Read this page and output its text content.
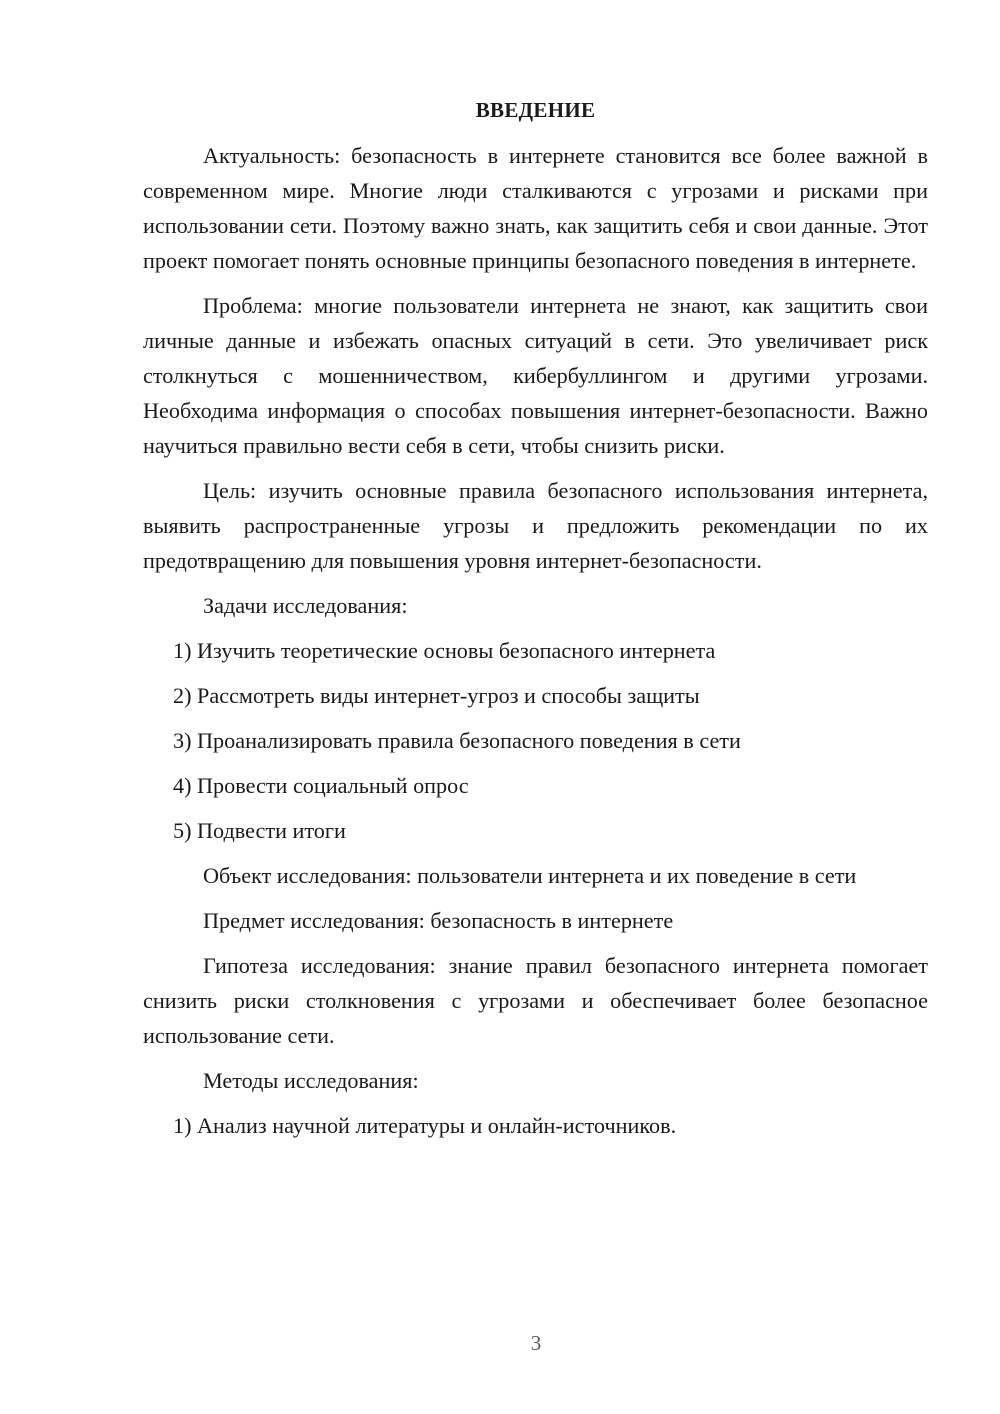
ВВЕДЕНИЕ
Актуальность: безопасность в интернете становится все более важной в современном мире. Многие люди сталкиваются с угрозами и рисками при использовании сети. Поэтому важно знать, как защитить себя и свои данные. Этот проект помогает понять основные принципы безопасного поведения в интернете.
Проблема: многие пользователи интернета не знают, как защитить свои личные данные и избежать опасных ситуаций в сети. Это увеличивает риск столкнуться с мошенничеством, кибербуллингом и другими угрозами. Необходима информация о способах повышения интернет-безопасности. Важно научиться правильно вести себя в сети, чтобы снизить риски.
Цель: изучить основные правила безопасного использования интернета, выявить распространенные угрозы и предложить рекомендации по их предотвращению для повышения уровня интернет-безопасности.
Задачи исследования:
1) Изучить теоретические основы безопасного интернета
2) Рассмотреть виды интернет-угроз и способы защиты
3) Проанализировать правила безопасного поведения в сети
4) Провести социальный опрос
5) Подвести итоги
Объект исследования: пользователи интернета и их поведение в сети
Предмет исследования: безопасность в интернете
Гипотеза исследования: знание правил безопасного интернета помогает снизить риски столкновения с угрозами и обеспечивает более безопасное использование сети.
Методы исследования:
1) Анализ научной литературы и онлайн-источников.
3
